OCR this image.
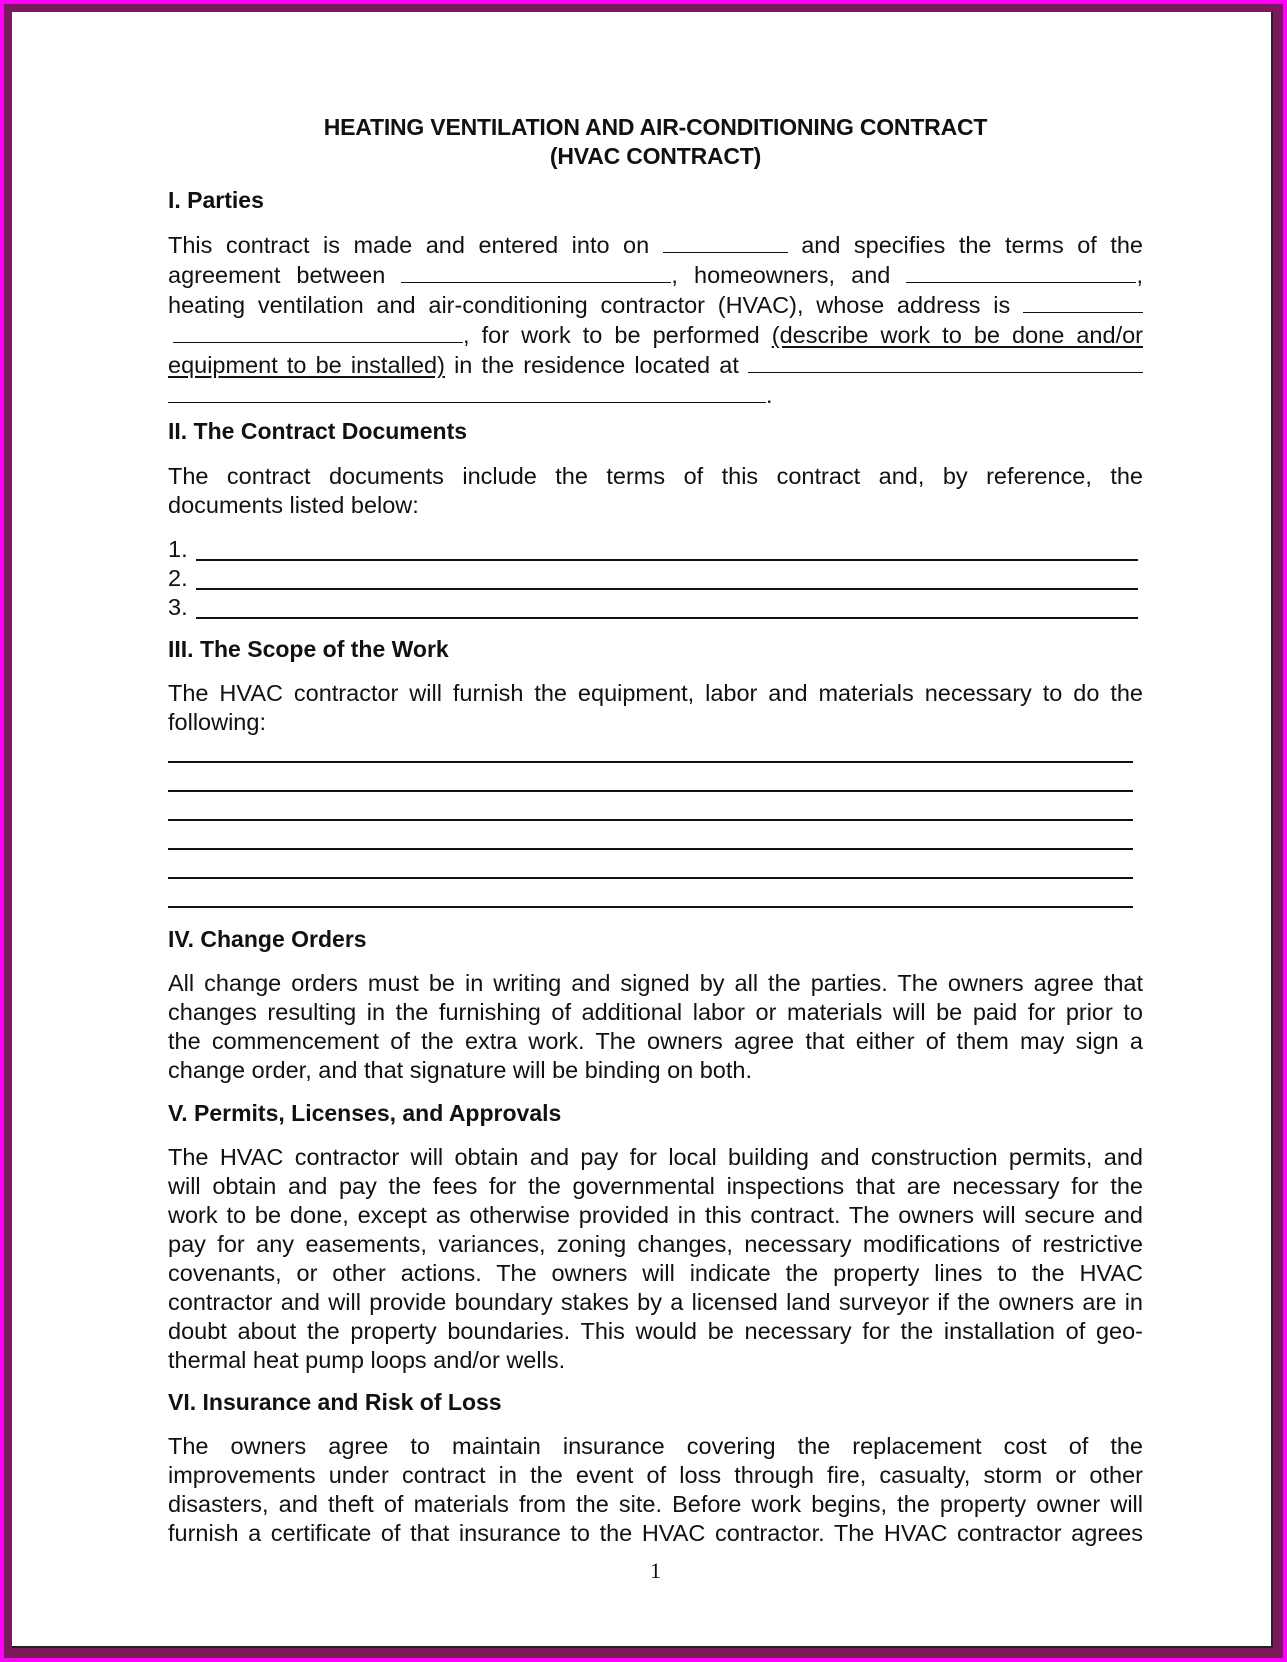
HEATING VENTILATION AND AIR-CONDITIONING CONTRACT
(HVAC CONTRACT)
I. Parties
This contract is made and entered into on	and specifies the terms of the
agreement between	, homeowners, and	,
heating ventilation and air-conditioning contractor (HVAC), whose address is
, for work to be performed (describe work to be done and/or
equipment to be installed) in the residence located at
.
II. The Contract Documents
The contract documents include the terms of this contract and, by reference, the
documents listed below:
1.
2.
3.
III. The Scope of the Work
The HVAC contractor will furnish the equipment, labor and materials necessary to do the
following:
IV. Change Orders
All change orders must be in writing and signed by all the parties. The owners agree that
changes resulting in the furnishing of additional labor or materials will be paid for prior to
the commencement of the extra work. The owners agree that either of them may sign a
change order, and that signature will be binding on both.
V. Permits, Licenses, and Approvals
The HVAC contractor will obtain and pay for local building and construction permits, and
will obtain and pay the fees for the governmental inspections that are necessary for the
work to be done, except as otherwise provided in this contract. The owners will secure and
pay for any easements, variances, zoning changes, necessary modifications of restrictive
covenants, or other actions. The owners will indicate the property lines to the HVAC
contractor and will provide boundary stakes by a licensed land surveyor if the owners are in
doubt about the property boundaries. This would be necessary for the installation of geo-
thermal heat pump loops and/or wells.
VI. Insurance and Risk of Loss
The owners agree to maintain insurance covering the replacement cost of the
improvements under contract in the event of loss through fire, casualty, storm or other
disasters, and theft of materials from the site. Before work begins, the property owner will
furnish a certificate of that insurance to the HVAC contractor. The HVAC contractor agrees
1
